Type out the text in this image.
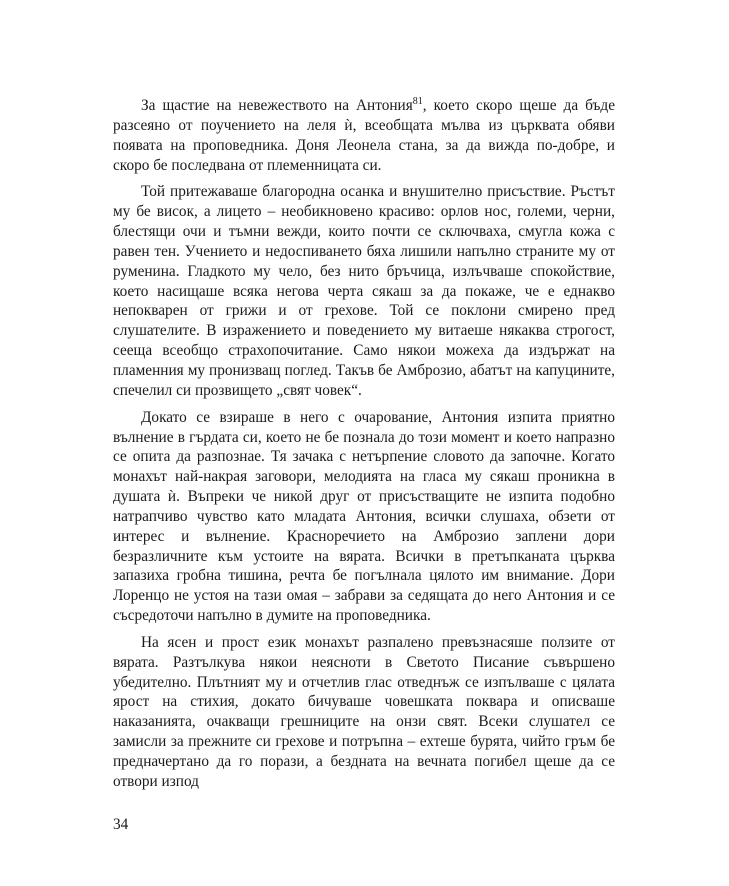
За щастие на невежеството на Антония$^{81}$, което скоро щеше да бъде разсеяно от поучението на леля ѝ, всеобщата мълва из църквата обяви появата на проповедника. Доня Леонела стана, за да вижда по-добре, и скоро бе последвана от племенницата си.

Той притежаваше благородна осанка и внушително присъствие. Ръстът му бе висок, а лицето – необикновено красиво: орлов нос, големи, черни, блестящи очи и тъмни вежди, които почти се сключваха, смугла кожа с равен тен. Учението и недоспиването бяха лишили напълно страните му от руменина. Гладкото му чело, без нито бръчица, излъчваше спокойствие, което насищаше всяка негова черта сякаш за да покаже, че е еднакво непокварен от грижи и от грехове. Той се поклони смирено пред слушателите. В изражението и поведението му витаеше някаква строгост, сееща всеобщо страхопочитание. Само някои можеха да издържат на пламенния му пронизващ поглед. Такъв бе Амброзио, абатът на капуцините, спечелил си прозвището „свят човек“.

Докато се взираше в него с очарование, Антония изпита приятно вълнение в гърдата си, което не бе познала до този момент и което напразно се опита да разпознае. Тя зачака с нетърпение словото да започне. Когато монахът най-накрая заговори, мелодията на гласа му сякаш проникна в душата ѝ. Въпреки че никой друг от присъстващите не изпита подобно натрапчиво чувство като младата Антония, всички слушаха, обзети от интерес и вълнение. Красноречието на Амброзио заплени дори безразличните към устоите на вярата. Всички в претъпканата църква запазиха гробна тишина, речта бе погълнала цялото им внимание. Дори Лоренцо не устоя на тази омая – забрави за седящата до него Антония и се съсредоточи напълно в думите на проповедника.

На ясен и прост език монахът разпалено превъзнасяше ползите от вярата. Разтълкува някои неясноти в Светото Писание съвършено убедително. Плътният му и отчетлив глас отведнъж се изпълваше с цялата ярост на стихия, докато бичуваше човешката поквара и описваше наказанията, очакващи грешниците на онзи свят. Всеки слушател се замисли за прежните си грехове и потръпна – ехтеше бурята, чийто гръм бе предначертано да го порази, а бездната на вечната погибел щеше да се отвори изпод

34
